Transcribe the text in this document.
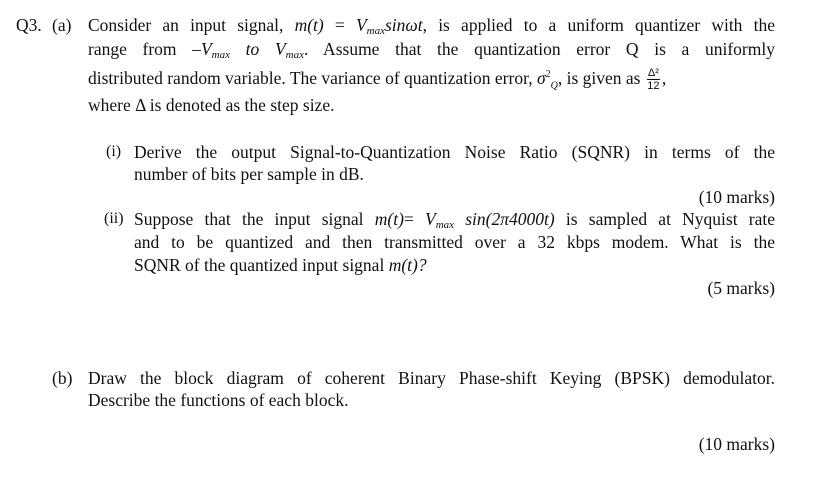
Q3. (a) Consider an input signal, $m(t) = V_{max}\sin\omega t$, is applied to a uniform quantizer with the
range from $-V_{max}$ to $V_{max}$. Assume that the quantization error Q is a uniformly
distributed random variable. The variance of quantization error, $\sigma^2_Q$, is given as $\frac{\text{Δ²}}{12}$ ,
where Δ is denoted as the step size.
(i) Derive the output Signal-to-Quantization Noise Ratio (SQNR) in terms of the
number of bits per sample in dB.
(10 marks)
(ii) Suppose that the input signal $m(t)= V_{max}$ sin(2π4000t) is sampled at Nyquist rate
and to be quantized and then transmitted over a 32 kbps modem. What is the
SQNR of the quantized input signal m(t)?
(5 marks)
(b) Draw the block diagram of coherent Binary Phase-shift Keying (BPSK) demodulator.
Describe the functions of each block.
(10 marks)
